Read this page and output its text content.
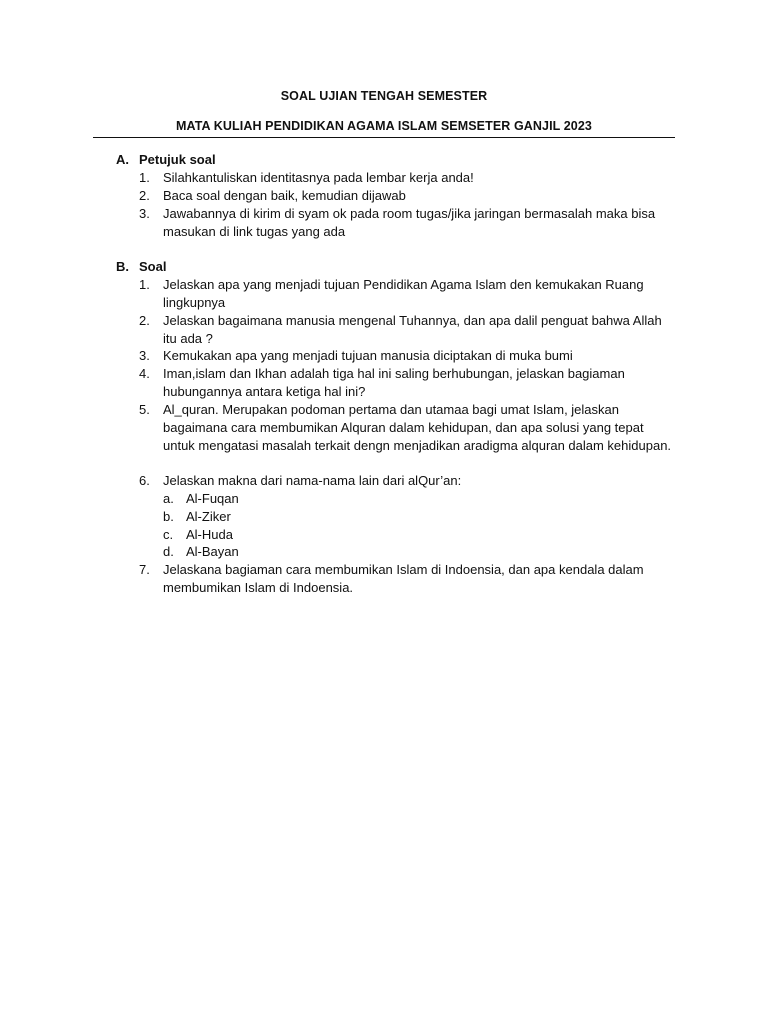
SOAL UJIAN TENGAH SEMESTER
MATA KULIAH PENDIDIKAN AGAMA ISLAM SEMSETER GANJIL 2023
A. Petujuk soal
1. Silahkantuliskan identitasnya pada lembar kerja anda!
2. Baca soal dengan baik, kemudian dijawab
3. Jawabannya di kirim di syam ok pada room tugas/jika jaringan bermasalah maka bisa masukan di link tugas yang ada
B. Soal
1. Jelaskan apa yang menjadi tujuan Pendidikan Agama Islam den kemukakan Ruang lingkupnya
2. Jelaskan bagaimana manusia mengenal Tuhannya, dan apa dalil penguat bahwa Allah itu ada ?
3. Kemukakan apa yang menjadi tujuan manusia diciptakan di muka bumi
4. Iman,islam dan Ikhan adalah tiga hal ini saling berhubungan, jelaskan bagiaman hubungannya antara ketiga hal ini?
5. Al_quran. Merupakan podoman pertama dan utamaa bagi umat Islam, jelaskan bagaimana cara membumikan Alquran dalam kehidupan, dan apa solusi yang tepat untuk mengatasi masalah terkait dengn menjadikan aradigma alquran dalam kehidupan.
6. Jelaskan makna dari nama-nama lain dari alQur’an:
a. Al-Fuqan
b. Al-Ziker
c. Al-Huda
d. Al-Bayan
7. Jelaskana bagiaman cara membumikan Islam di Indoensia, dan apa kendala dalam membumikan Islam di Indoensia.
